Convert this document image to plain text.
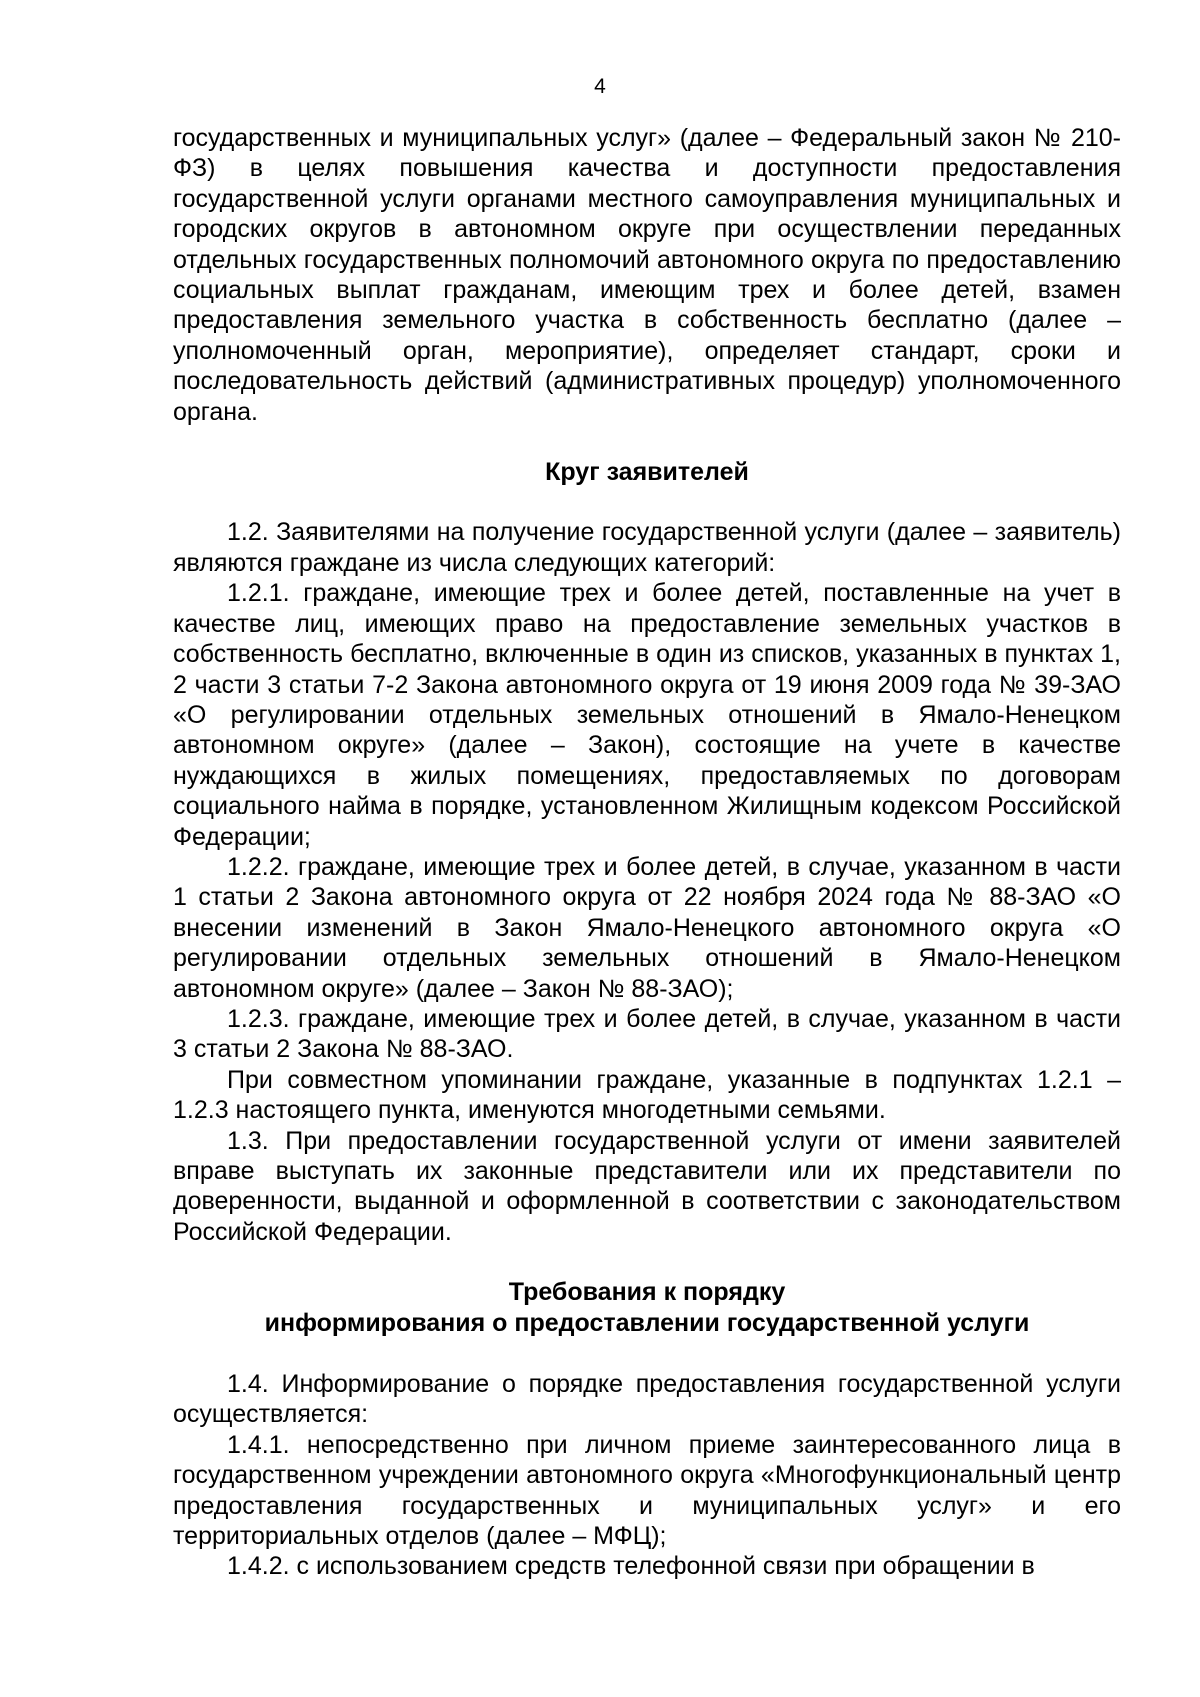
4

государственных и муниципальных услуг» (далее – Федеральный закон № 210-ФЗ) в целях повышения качества и доступности предоставления государственной услуги органами местного самоуправления муниципальных и городских округов в автономном округе при осуществлении переданных отдельных государственных полномочий автономного округа по предоставлению социальных выплат гражданам, имеющим трех и более детей, взамен предоставления земельного участка в собственность бесплатно (далее – уполномоченный орган, мероприятие), определяет стандарт, сроки и последовательность действий (административных процедур) уполномоченного органа.

Круг заявителей

1.2. Заявителями на получение государственной услуги (далее – заявитель) являются граждане из числа следующих категорий:

1.2.1. граждане, имеющие трех и более детей, поставленные на учет в качестве лиц, имеющих право на предоставление земельных участков в собственность бесплатно, включенные в один из списков, указанных в пунктах 1, 2 части 3 статьи 7-2 Закона автономного округа от 19 июня 2009 года № 39-ЗАО «О регулировании отдельных земельных отношений в Ямало-Ненецком автономном округе» (далее – Закон), состоящие на учете в качестве нуждающихся в жилых помещениях, предоставляемых по договорам социального найма в порядке, установленном Жилищным кодексом Российской Федерации;

1.2.2. граждане, имеющие трех и более детей, в случае, указанном в части 1 статьи 2 Закона автономного округа от 22 ноября 2024 года № 88-ЗАО «О внесении изменений в Закон Ямало-Ненецкого автономного округа «О регулировании отдельных земельных отношений в Ямало-Ненецком автономном округе» (далее – Закон № 88-ЗАО);

1.2.3. граждане, имеющие трех и более детей, в случае, указанном в части 3 статьи 2 Закона № 88-ЗАО.

При совместном упоминании граждане, указанные в подпунктах 1.2.1 – 1.2.3 настоящего пункта, именуются многодетными семьями.

1.3. При предоставлении государственной услуги от имени заявителей вправе выступать их законные представители или их представители по доверенности, выданной и оформленной в соответствии с законодательством Российской Федерации.

Требования к порядку
информирования о предоставлении государственной услуги

1.4. Информирование о порядке предоставления государственной услуги осуществляется:

1.4.1. непосредственно при личном приеме заинтересованного лица в государственном учреждении автономного округа «Многофункциональный центр предоставления государственных и муниципальных услуг» и его территориальных отделов (далее – МФЦ);

1.4.2. с использованием средств телефонной связи при обращении в
